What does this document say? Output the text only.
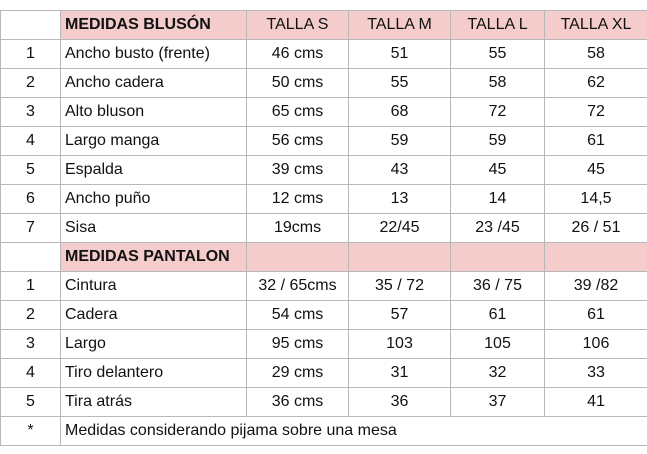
	MEDIDAS BLUSÓN	TALLA S	TALLA M	TALLA L	TALLA XL
1	Ancho busto (frente)	46 cms	51	55	58
2	Ancho cadera	50 cms	55	58	62
3	Alto bluson	65 cms	68	72	72
4	Largo manga	56 cms	59	59	61
5	Espalda	39 cms	43	45	45
6	Ancho puño	12 cms	13	14	14,5
7	Sisa	19cms	22/45	23 /45	26 / 51
	MEDIDAS PANTALON				
1	Cintura	32 / 65cms	35 / 72	36 / 75	39 /82
2	Cadera	54 cms	57	61	61
3	Largo	95 cms	103	105	106
4	Tiro delantero	29 cms	31	32	33
5	Tira atrás	36 cms	36	37	41
*	Medidas considerando pijama sobre una mesa				
